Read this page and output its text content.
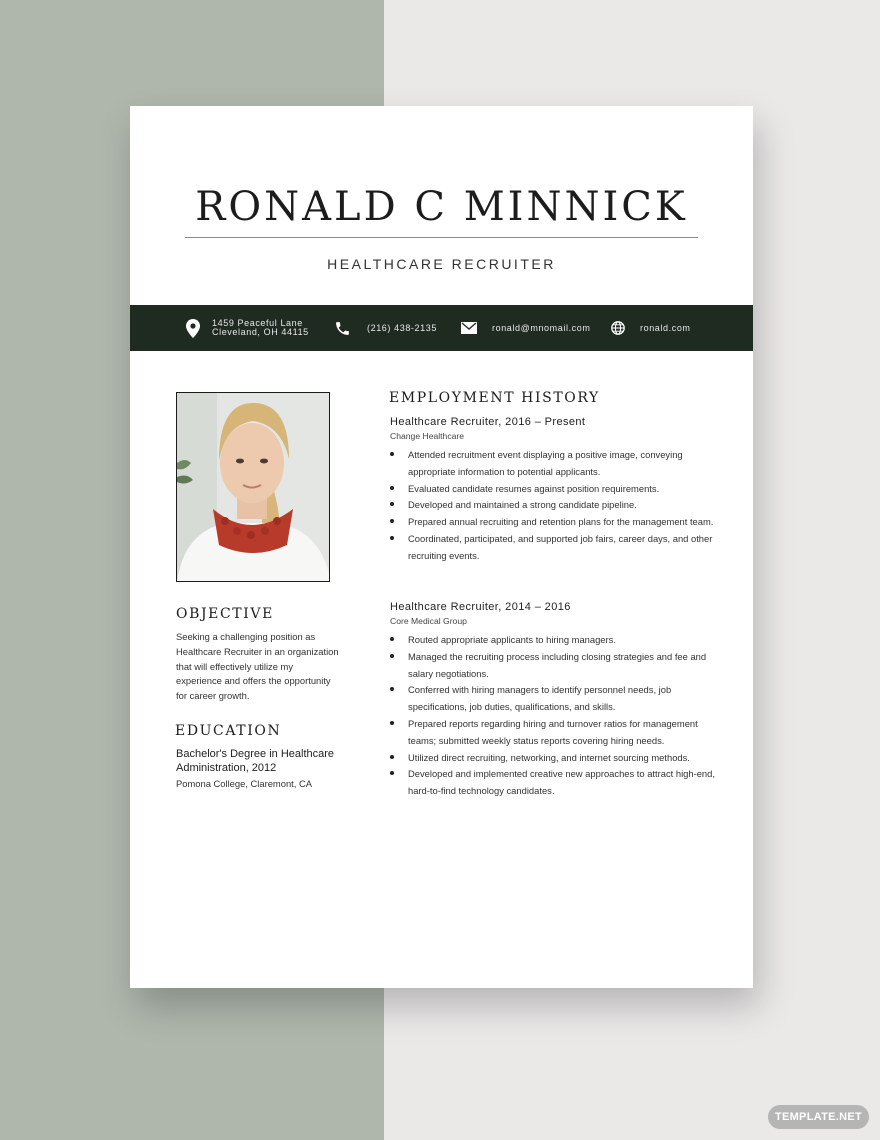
RONALD C MINNICK
HEALTHCARE RECRUITER
1459 Peaceful Lane
Cleveland, OH 44115	(216) 438-2135	ronald@mnomail.com	ronald.com
OBJECTIVE
Seeking a challenging position as Healthcare Recruiter in an organization that will effectively utilize my experience and offers the opportunity for career growth.
EDUCATION
Bachelor's Degree in Healthcare Administration, 2012
Pomona College, Claremont, CA
EMPLOYMENT HISTORY
Healthcare Recruiter, 2016 – Present
Change Healthcare
Attended recruitment event displaying a positive image, conveying appropriate information to potential applicants.
Evaluated candidate resumes against position requirements.
Developed and maintained a strong candidate pipeline.
Prepared annual recruiting and retention plans for the management team.
Coordinated, participated, and supported job fairs, career days, and other recruiting events.
Healthcare Recruiter, 2014 – 2016
Core Medical Group
Routed appropriate applicants to hiring managers.
Managed the recruiting process including closing strategies and fee and salary negotiations.
Conferred with hiring managers to identify personnel needs, job specifications, job duties, qualifications, and skills.
Prepared reports regarding hiring and turnover ratios for management teams; submitted weekly status reports covering hiring needs.
Utilized direct recruiting, networking, and internet sourcing methods.
Developed and implemented creative new approaches to attract high-end, hard-to-find technology candidates.
TEMPLATE.NET
